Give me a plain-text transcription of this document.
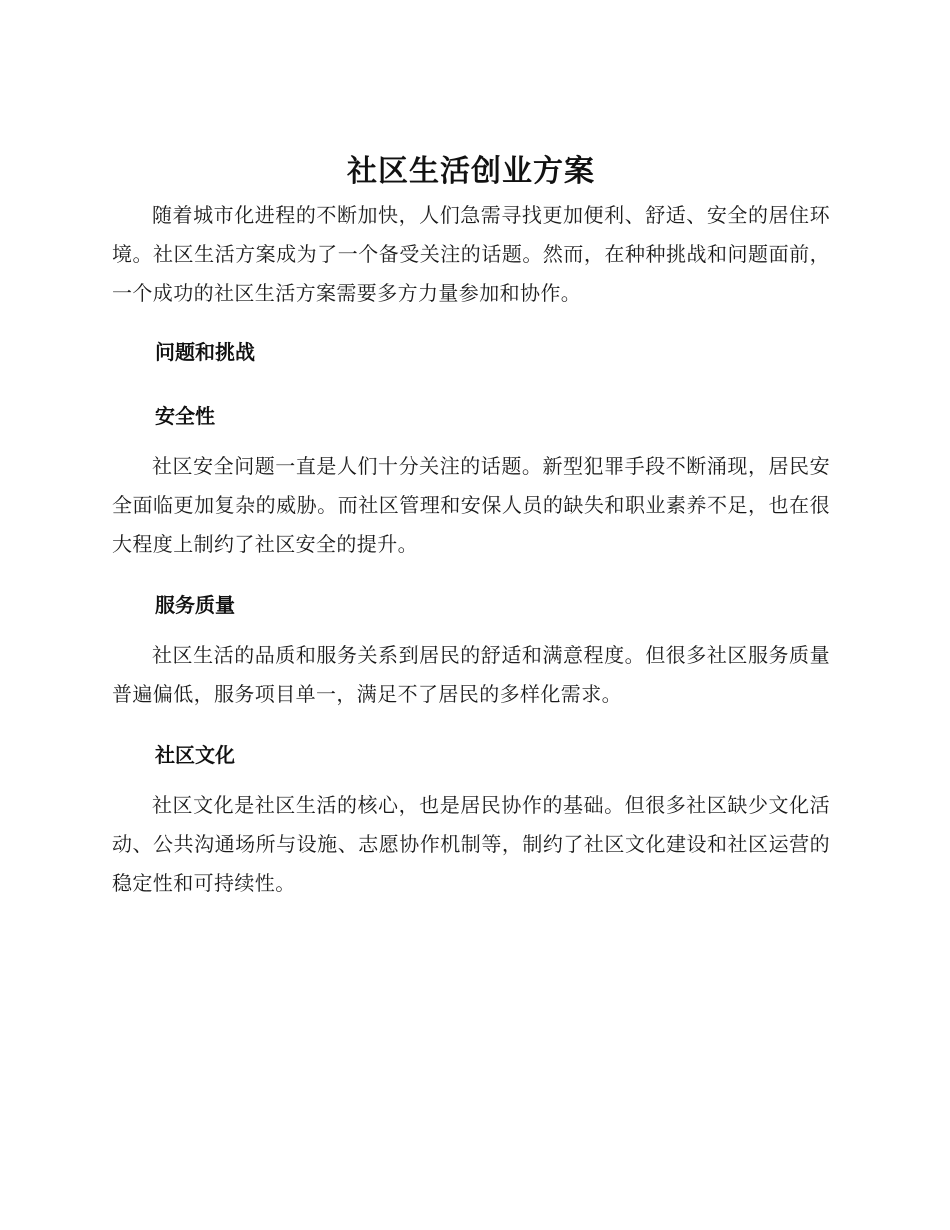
社区生活创业方案

随着城市化进程的不断加快，人们急需寻找更加便利、舒适、安全的居住环境。社区生活方案成为了一个备受关注的话题。然而，在种种挑战和问题面前，一个成功的社区生活方案需要多方力量参加和协作。

问题和挑战
安全性

社区安全问题一直是人们十分关注的话题。新型犯罪手段不断涌现，居民安全面临更加复杂的威胁。而社区管理和安保人员的缺失和职业素养不足，也在很大程度上制约了社区安全的提升。

服务质量

社区生活的品质和服务关系到居民的舒适和满意程度。但很多社区服务质量普遍偏低，服务项目单一，满足不了居民的多样化需求。

社区文化

社区文化是社区生活的核心，也是居民协作的基础。但很多社区缺少文化活动、公共沟通场所与设施、志愿协作机制等，制约了社区文化建设和社区运营的稳定性和可持续性。
